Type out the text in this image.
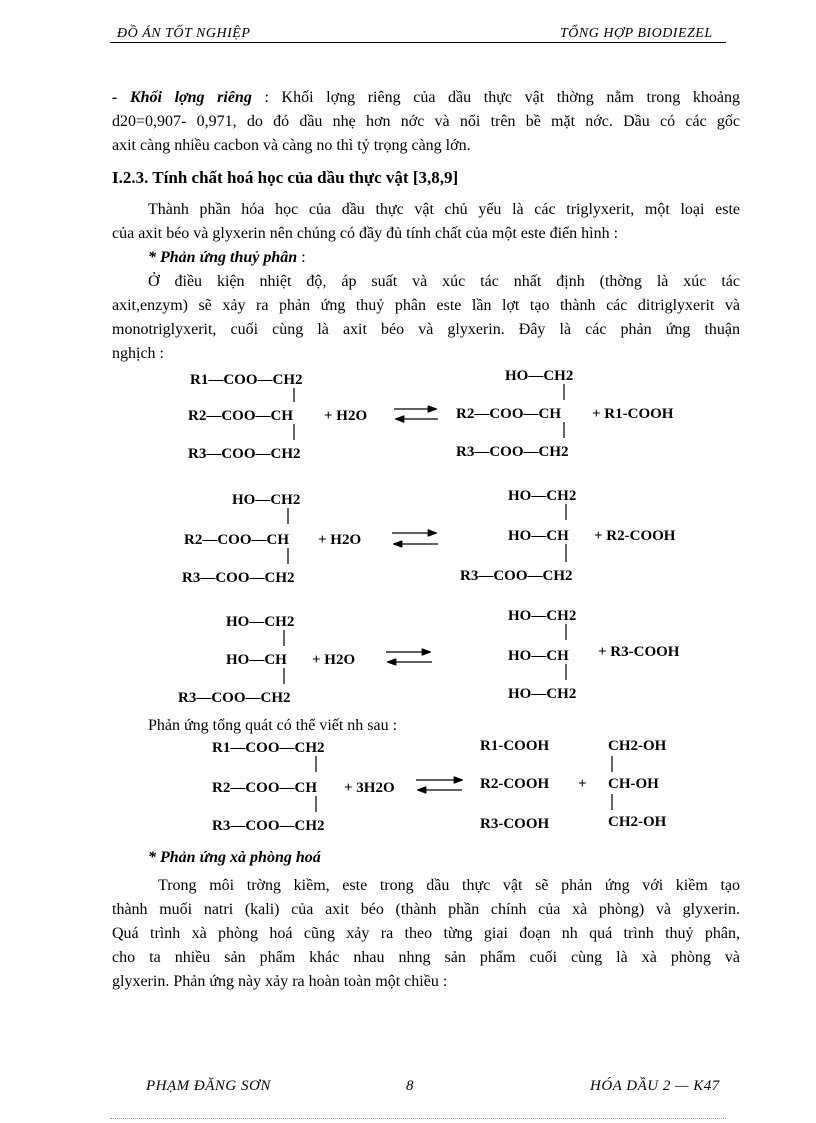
ĐỒ ÁN TỐT NGHIỆP	TỔNG HỢP BIODIEZEL
- Khối lợng riêng : Khối lợng riêng của dầu thực vật thờng nằm trong khoảng
d20=0,907- 0,971, do đó dầu nhẹ hơn nớc và nổi trên bề mặt nớc. Dầu có các gốc
axit càng nhiều cacbon và càng no thì tỷ trọng càng lớn.
I.2.3. Tính chất hoá học của dầu thực vật [3,8,9]
Thành phần hóa học của dầu thực vật chủ yếu là các triglyxerit, một loại este
của axit béo và glyxerin nên chúng có đầy đủ tính chất của một este điển hình :
* Phản ứng thuỷ phân :
Ở điều kiện nhiệt độ, áp suất và xúc tác nhất định (thờng là xúc tác
axit,enzym) sẽ xảy ra phản ứng thuỷ phân este lần lợt tạo thành các ditriglyxerit và
monotriglyxerit, cuối cùng là axit béo và glyxerin. Đây là các phản ứng thuận
nghịch :
R1—COO—CH2
R2—COO—CH + H2O
R3—COO—CH2
HO—CH2
R2—COO—CH + R1-COOH
R3—COO—CH2
HO—CH2
R2—COO—CH + H2O
R3—COO—CH2
HO—CH2
HO—CH + R2-COOH
R3—COO—CH2
HO—CH2
HO—CH + H2O
R3—COO—CH2
HO—CH2
HO—CH + R3-COOH
HO—CH2
R1—COO—CH2
R2—COO—CH + 3H2O
R3—COO—CH2
R1-COOH
R2-COOH
R3-COOH
+
CH2-OH
CH-OH
CH2-OH
Phản ứng tổng quát có thể viết nh sau :
* Phản ứng xà phòng hoá
Trong môi trờng kiềm, este trong dầu thực vật sẽ phản ứng với kiềm tạo
thành muối natri (kali) của axit béo (thành phần chính của xà phòng) và glyxerin.
Quá trình xà phòng hoá cũng xảy ra theo từng giai đoạn nh quá trình thuỷ phân,
cho ta nhiều sản phẩm khác nhau nhng sản phẩm cuối cùng là xà phòng và
glyxerin. Phản ứng này xảy ra hoàn toàn một chiều :
PHẠM ĐĂNG SƠN	8	HÓA DẦU 2 — K47
